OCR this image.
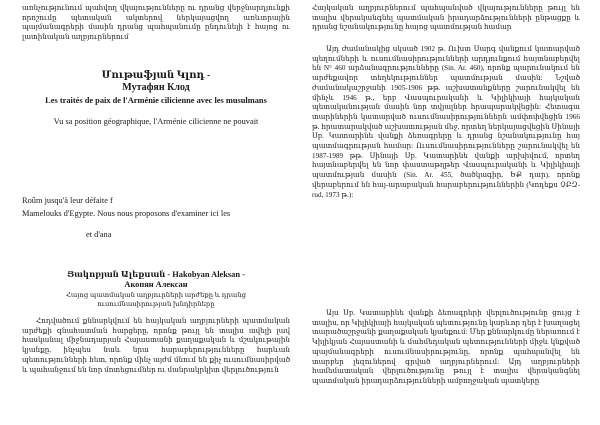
առնչությունում պահվող վկայությունները ու դրանց վերջնարդյունքի որոշումը պետական ակտերով ներկայացվող առևտրային պայմանագրերի մասին դրանց պահպանումը ընդունելի է հայոց ու լատինական աղբյուրներում

Մութաֆյան Կլոդ -

Мутафян Клод

Les traités de paix de l'Arménie cilicienne avec les musulmans

Vu sa position géographique, l'Arménie cilicienne ne pouvait

Roûm jusqu'à leur défaite f

Mamelouks d'Egypte. Nous nous proposons d'examiner ici les

et d'ana

Յակոբյան Ալեքսան - Hakobyan Aleksan -

Акопян Алексан

Հայոց պատմական աղբյուրների արժեքը և դրանց ուսումնասիրության խնդիրները

Հոդվածում քննարկվում են հայկական աղբյուրների պատմական արժեքի գնահատման հարցերը, որոնք թույլ են տալիս ավելի լավ հասկանալ միջնադարյան Հայաստանի քաղաքական և մշակութային կյանքը, ինչպես նաև նրա հարաբերությունները հարևան պետությունների հետ, որոնք մինչ այժմ մնում են քիչ ուսումնասիրված և պահանջում են նոր մոտեցումներ ու մանրակրկիտ վերլուծություն

Հայկական աղբյուրներում պահպանված վկայությունները թույլ են տալիս վերականգնել պատմական իրադարձությունների ընթացքը և դրանց նշանակությունը հայոց պատմության համար

Այդ ժամանակից սկսած 1902 թ. Ուխտ Սարգ վանքում կատարված պեղումների և ուսումնասիրությունների արդյունքում հայտնաբերվել են N° 460 արձանագրությունները (Sin. Ar. 460), որոնք պարունակում են արժեքավոր տեղեկություններ պատմության մասին: Նշված ժամանակաշրջանի 1905-1906 թթ. աշխատանքները շարունակվել են մինչև 1946 թ., երբ Վասպուրականի և Կիլիկիայի հայկական պետականության մասին նոր տվյալներ հրապարակվեցին: Հետագա տարիներին կատարված ուսումնասիրություններն ամփոփվեցին 1966 թ. հրատարակված աշխատության մեջ, որտեղ ներկայացվեցին Սինայի Սբ. Կատարինե վանքի ձեռագրերը և դրանց նշանակությունը հայ պատմագրության համար: Ուսումնասիրությունները շարունակվել են 1987-1989 թթ. Սինայի Սբ. Կատարինե վանքի արխիվում, որտեղ հայտնաբերվել են նոր փաստաթղթեր Վասպուրականի և Կիլիկիայի պատմության մասին (Sin. Ar. 455, ծածկագիր, ԵՔ դար), որոնք վերաբերում են հայ-արաբական հարաբերություններին (Կոդեքս ՉԲԶ-rud, 1973 թ.):

Այս Սբ. Կատարինե վանքի ձեռագրերի վերլուծությունը ցույց է տալիս, որ Կիլիկիայի հայկական պետությունը կարևոր դեր է խաղացել տարածաշրջանի քաղաքական կյանքում: Մեր քննարկումը ներառում է Կիլիկյան Հայաստանի և մահմեդական պետությունների միջև կնքված պայմանագրերի ուսումնասիրությունը, որոնք պահպանվել են տարբեր լեզուներով գրված աղբյուրներում: Այդ աղբյուրների համեմատական վերլուծությունը թույլ է տալիս վերականգնել պատմական իրադարձությունների ամբողջական պատկերը
